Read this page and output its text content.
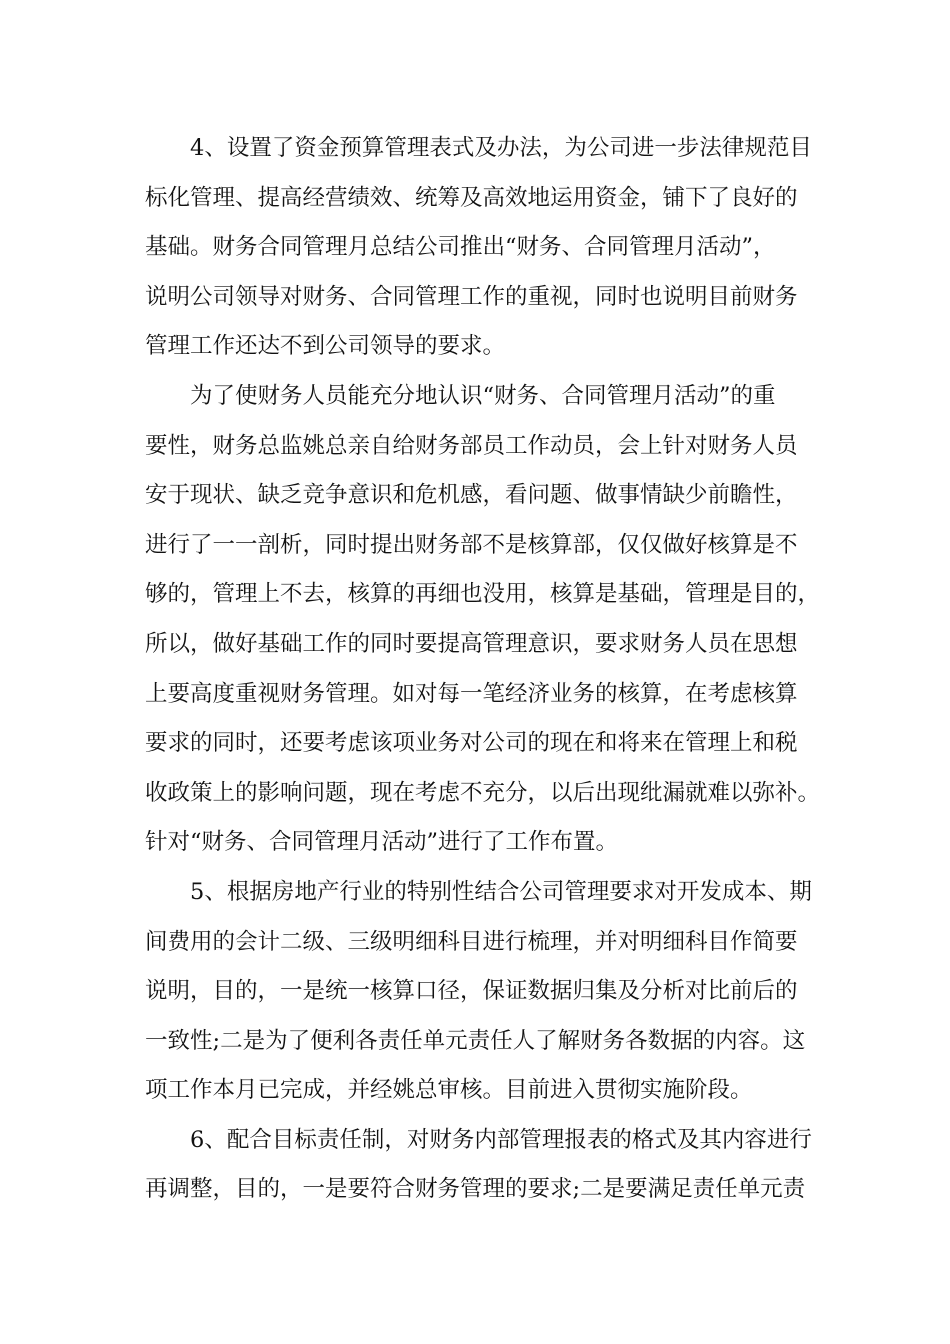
4、设置了资金预算管理表式及办法，为公司进一步法律规范目
标化管理、提高经营绩效、统筹及高效地运用资金，铺下了良好的
基础。财务合同管理月总结公司推出“财务、合同管理月活动”，
说明公司领导对财务、合同管理工作的重视，同时也说明目前财务
管理工作还达不到公司领导的要求。
为了使财务人员能充分地认识“财务、合同管理月活动”的重
要性，财务总监姚总亲自给财务部员工作动员，会上针对财务人员
安于现状、缺乏竞争意识和危机感，看问题、做事情缺少前瞻性，
进行了一一剖析，同时提出财务部不是核算部，仅仅做好核算是不
够的，管理上不去，核算的再细也没用，核算是基础，管理是目的，
所以，做好基础工作的同时要提高管理意识，要求财务人员在思想
上要高度重视财务管理。如对每一笔经济业务的核算，在考虑核算
要求的同时，还要考虑该项业务对公司的现在和将来在管理上和税
收政策上的影响问题，现在考虑不充分，以后出现纰漏就难以弥补。
针对“财务、合同管理月活动”进行了工作布置。
5、根据房地产行业的特别性结合公司管理要求对开发成本、期
间费用的会计二级、三级明细科目进行梳理，并对明细科目作简要
说明，目的，一是统一核算口径，保证数据归集及分析对比前后的
一致性;二是为了便利各责任单元责任人了解财务各数据的内容。这
项工作本月已完成，并经姚总审核。目前进入贯彻实施阶段。
6、配合目标责任制，对财务内部管理报表的格式及其内容进行
再调整，目的，一是要符合财务管理的要求;二是要满足责任单元责
